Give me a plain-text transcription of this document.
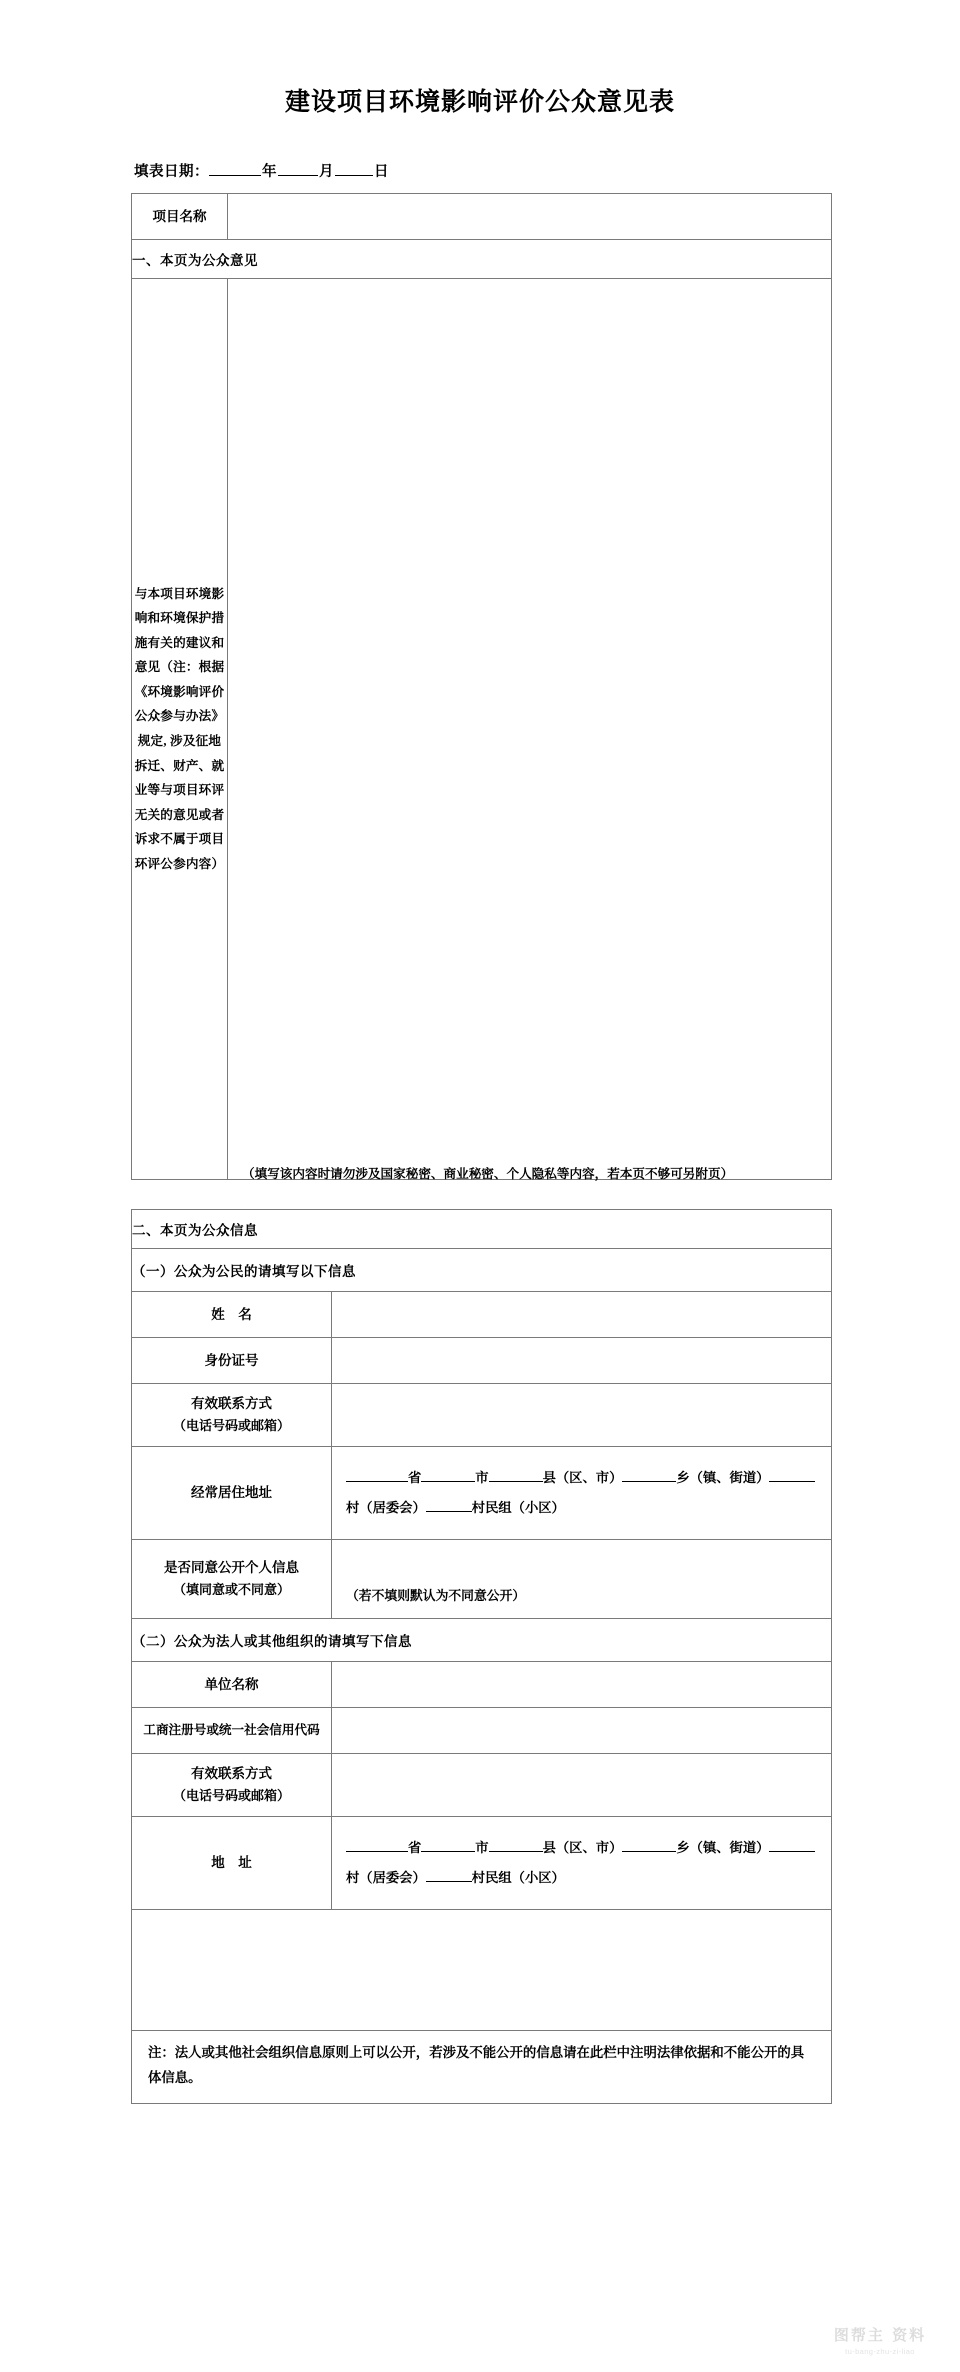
建设项目环境影响评价公众意见表
填表日期：	年	月	日
项目名称	
一、本页为公众意见	

与本项目环境影响和环境保护措施有关的建议和意见（注：根据《环境影响评价公众参与办法》规定, 涉及征地拆迁、财产、就业等与项目环评无关的意见或者诉求不属于项目环评公参内容）	（填写该内容时请勿涉及国家秘密、商业秘密、个人隐私等内容，若本页不够可另附页）
二、本页为公众信息	
（一）公众为公民的请填写以下信息	
姓　名	
身份证号	
有效联系方式
（电话号码或邮箱）	

经常居住地址	省 市 县（区、市） 乡（镇、街道）村（居委会） 村民组（小区）

是否同意公开个人信息
（填同意或不同意）	（若不填则默认为不同意公开）

（二）公众为法人或其他组织的请填写下信息	
单位名称	
工商注册号或统一社会信用代码	
有效联系方式
（电话号码或邮箱）	

地　址	省 市 县（区、市） 乡（镇、街道）村（居委会） 村民组（小区）

注：法人或其他社会组织信息原则上可以公开，若涉及不能公开的信息请在此栏中注明法律依据和不能公开的具体信息。	
图帮主 资料
tu-bang-zhu-zi-liao
